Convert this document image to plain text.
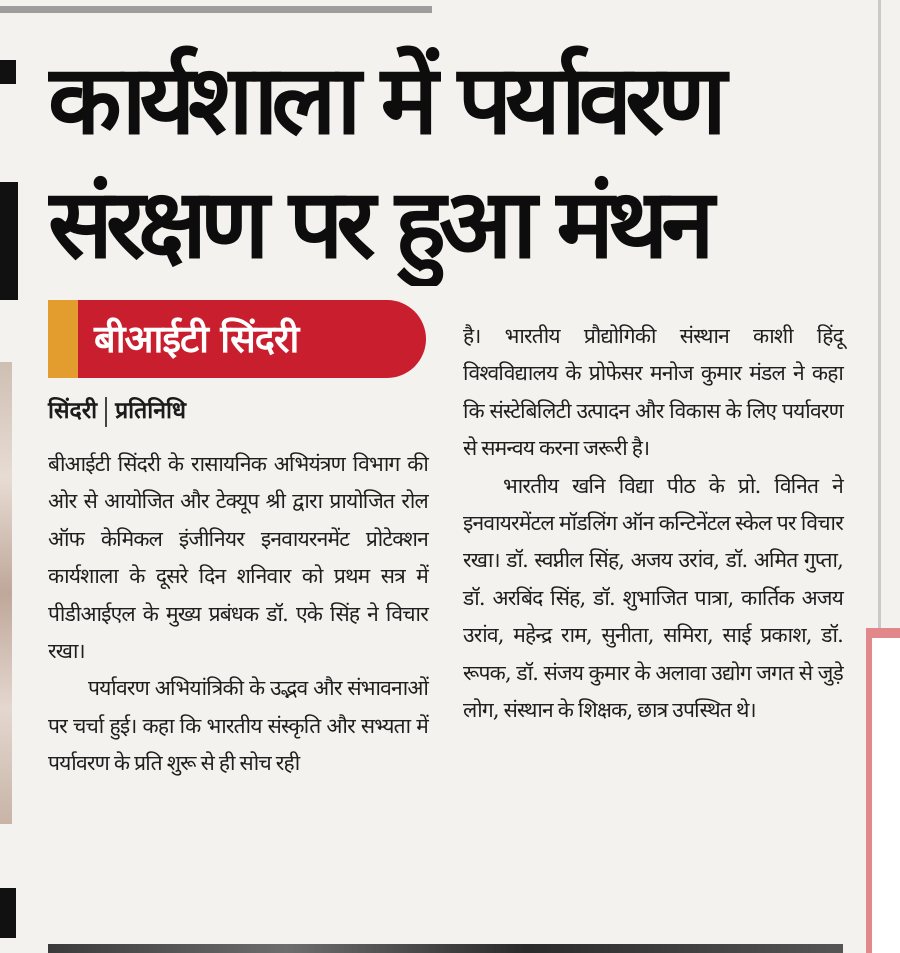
कार्यशाला में पर्यावरण
संरक्षण पर हुआ मंथन
बीआईटी सिंदरी
सिंदरी प्रतिनिधि

बीआईटी सिंदरी के रासायनिक अभियंत्रण विभाग की ओर से आयोजित और टेक्यूप श्री द्वारा प्रायोजित रोल ऑफ केमिकल इंजीनियर इनवायरनमेंट प्रोटेक्शन कार्यशाला के दूसरे दिन शनिवार को प्रथम सत्र में पीडीआईएल के मुख्य प्रबंधक डॉ. एके सिंह ने विचार रखा।

पर्यावरण अभियांत्रिकी के उद्भव और संभावनाओं पर चर्चा हुई। कहा कि भारतीय संस्कृति और सभ्यता में पर्यावरण के प्रति शुरू से ही सोच रही

है। भारतीय प्रौद्योगिकी संस्थान काशी हिंदू विश्वविद्यालय के प्रोफेसर मनोज कुमार मंडल ने कहा कि संस्टेबिलिटी उत्पादन और विकास के लिए पर्यावरण से समन्वय करना जरूरी है।

भारतीय खनि विद्या पीठ के प्रो. विनित ने इनवायरमेंटल मॉडलिंग ऑन कन्टिनेंटल स्केल पर विचार रखा। डॉ. स्वप्नील सिंह, अजय उरांव, डॉ. अमित गुप्ता, डॉ. अरबिंद सिंह, डॉ. शुभाजित पात्रा, कार्तिक अजय उरांव, महेन्द्र राम, सुनीता, समिरा, साई प्रकाश, डॉ. रूपक, डॉ. संजय कुमार के अलावा उद्योग जगत से जुड़े लोग, संस्थान के शिक्षक, छात्र उपस्थित थे।
